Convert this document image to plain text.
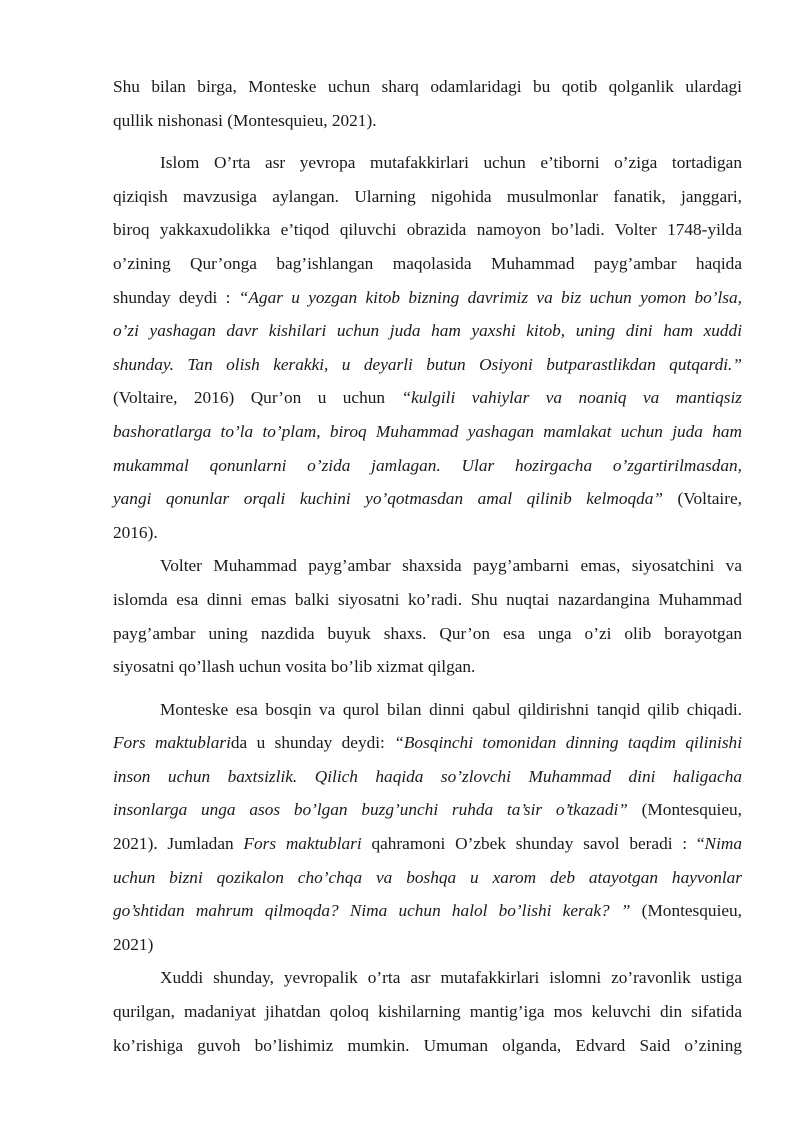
Shu bilan birga, Monteske uchun sharq odamlaridagi bu qotib qolganlik ulardagi
qullik nishonasi (Montesquieu, 2021).
Islom O’rta asr yevropa mutafakkirlari uchun e’tiborni o’ziga tortadigan
qiziqish mavzusiga aylangan. Ularning nigohida musulmonlar fanatik, janggari,
biroq yakkaxudolikka e’tiqod qiluvchi obrazida namoyon bo’ladi. Volter 1748-yilda
o’zining Qur’onga bag’ishlangan maqolasida Muhammad payg’ambar haqida
shunday deydi : “Agar u yozgan kitob bizning davrimiz va biz uchun yomon bo’lsa,
o’zi yashagan davr kishilari uchun juda ham yaxshi kitob, uning dini ham xuddi
shunday. Tan olish kerakki, u deyarli butun Osiyoni butparastlikdan qutqardi.”
(Voltaire, 2016) Qur’on u uchun “kulgili vahiylar va noaniq va mantiqsiz
bashoratlarga to’la to’plam, biroq Muhammad yashagan mamlakat uchun juda ham
mukammal qonunlarni o’zida jamlagan. Ular hozirgacha o’zgartirilmasdan,
yangi qonunlar orqali kuchini yo’qotmasdan amal qilinib kelmoqda” (Voltaire,
2016).
Volter Muhammad payg’ambar shaxsida payg’ambarni emas, siyosatchini va
islomda esa dinni emas balki siyosatni ko’radi. Shu nuqtai nazardangina Muhammad
payg’ambar uning nazdida buyuk shaxs. Qur’on esa unga o’zi olib borayotgan
siyosatni qo’llash uchun vosita bo’lib xizmat qilgan.
Monteske esa bosqin va qurol bilan dinni qabul qildirishni tanqid qilib chiqadi.
Fors maktublarida u shunday deydi: “Bosqinchi tomonidan dinning taqdim qilinishi
inson uchun baxtsizlik. Qilich haqida so’zlovchi Muhammad dini haligacha
insonlarga unga asos bo’lgan buzg’unchi ruhda ta’sir o’tkazadi” (Montesquieu,
2021). Jumladan Fors maktublari qahramoni O’zbek shunday savol beradi : “Nima
uchun bizni qozikalon cho’chqa va boshqa u xarom deb atayotgan hayvonlar
go’shtidan mahrum qilmoqda? Nima uchun halol bo’lishi kerak? ” (Montesquieu,
2021)
Xuddi shunday, yevropalik o’rta asr mutafakkirlari islomni zo’ravonlik ustiga
qurilgan, madaniyat jihatdan qoloq kishilarning mantig’iga mos keluvchi din sifatida
ko’rishiga guvoh bo’lishimiz mumkin. Umuman olganda, Edvard Said o’zining
